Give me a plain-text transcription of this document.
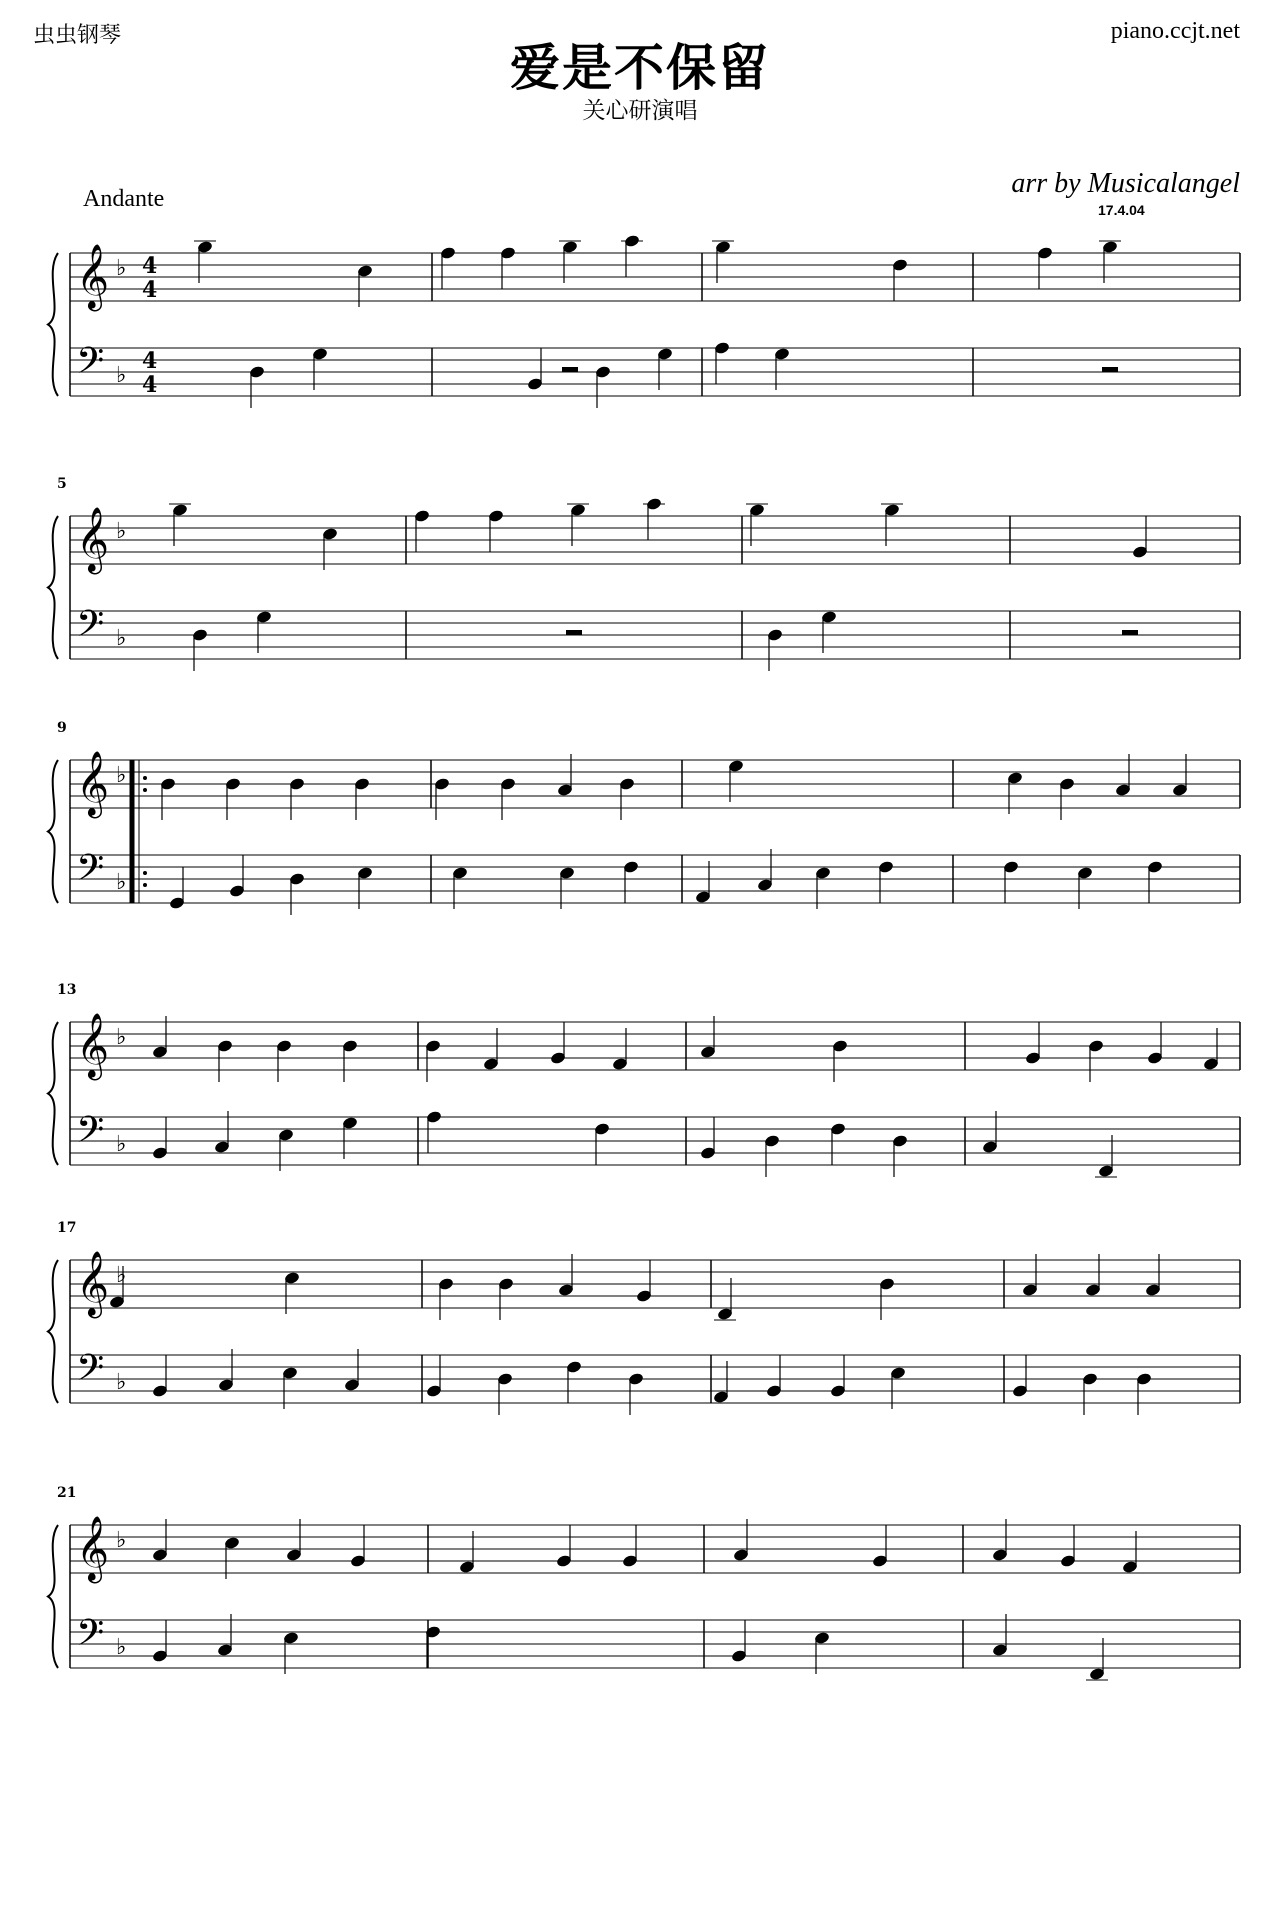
虫虫钢琴	piano.ccjt.net
爱是不保留
关心研演唱
Andante	arr by Musicalangel
17.4.04
𝄞 ♭
𝄢 ♭
4
4
4
4
𝄞 ♭
𝄢 ♭
5
𝄞 ♭
𝄢 ♭
9
𝄞 ♭
𝄢 ♭
13
𝄞 ♭
𝄢 ♭
17
𝄞 ♭
𝄢 ♭
21
